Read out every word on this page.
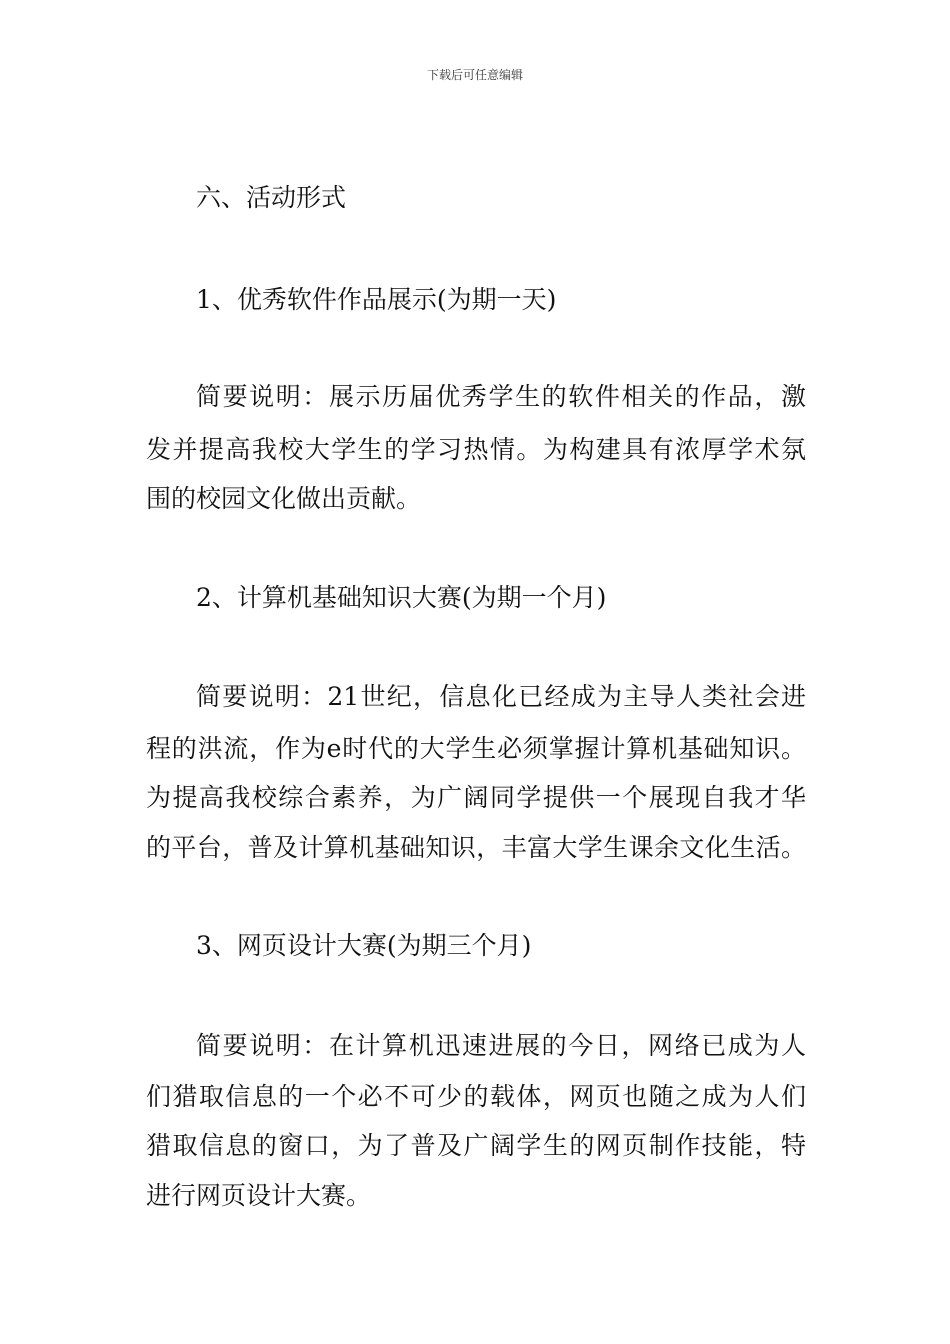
下载后可任意编辑
六、活动形式
1、优秀软件作品展示(为期一天)
简要说明：展示历届优秀学生的软件相关的作品，激
发并提高我校大学生的学习热情。为构建具有浓厚学术氛
围的校园文化做出贡献。
2、计算机基础知识大赛(为期一个月)
简要说明：21世纪，信息化已经成为主导人类社会进
程的洪流，作为e时代的大学生必须掌握计算机基础知识。
为提高我校综合素养，为广阔同学提供一个展现自我才华
的平台，普及计算机基础知识，丰富大学生课余文化生活。
3、网页设计大赛(为期三个月)
简要说明：在计算机迅速进展的今日，网络已成为人
们猎取信息的一个必不可少的载体，网页也随之成为人们
猎取信息的窗口，为了普及广阔学生的网页制作技能，特
进行网页设计大赛。
